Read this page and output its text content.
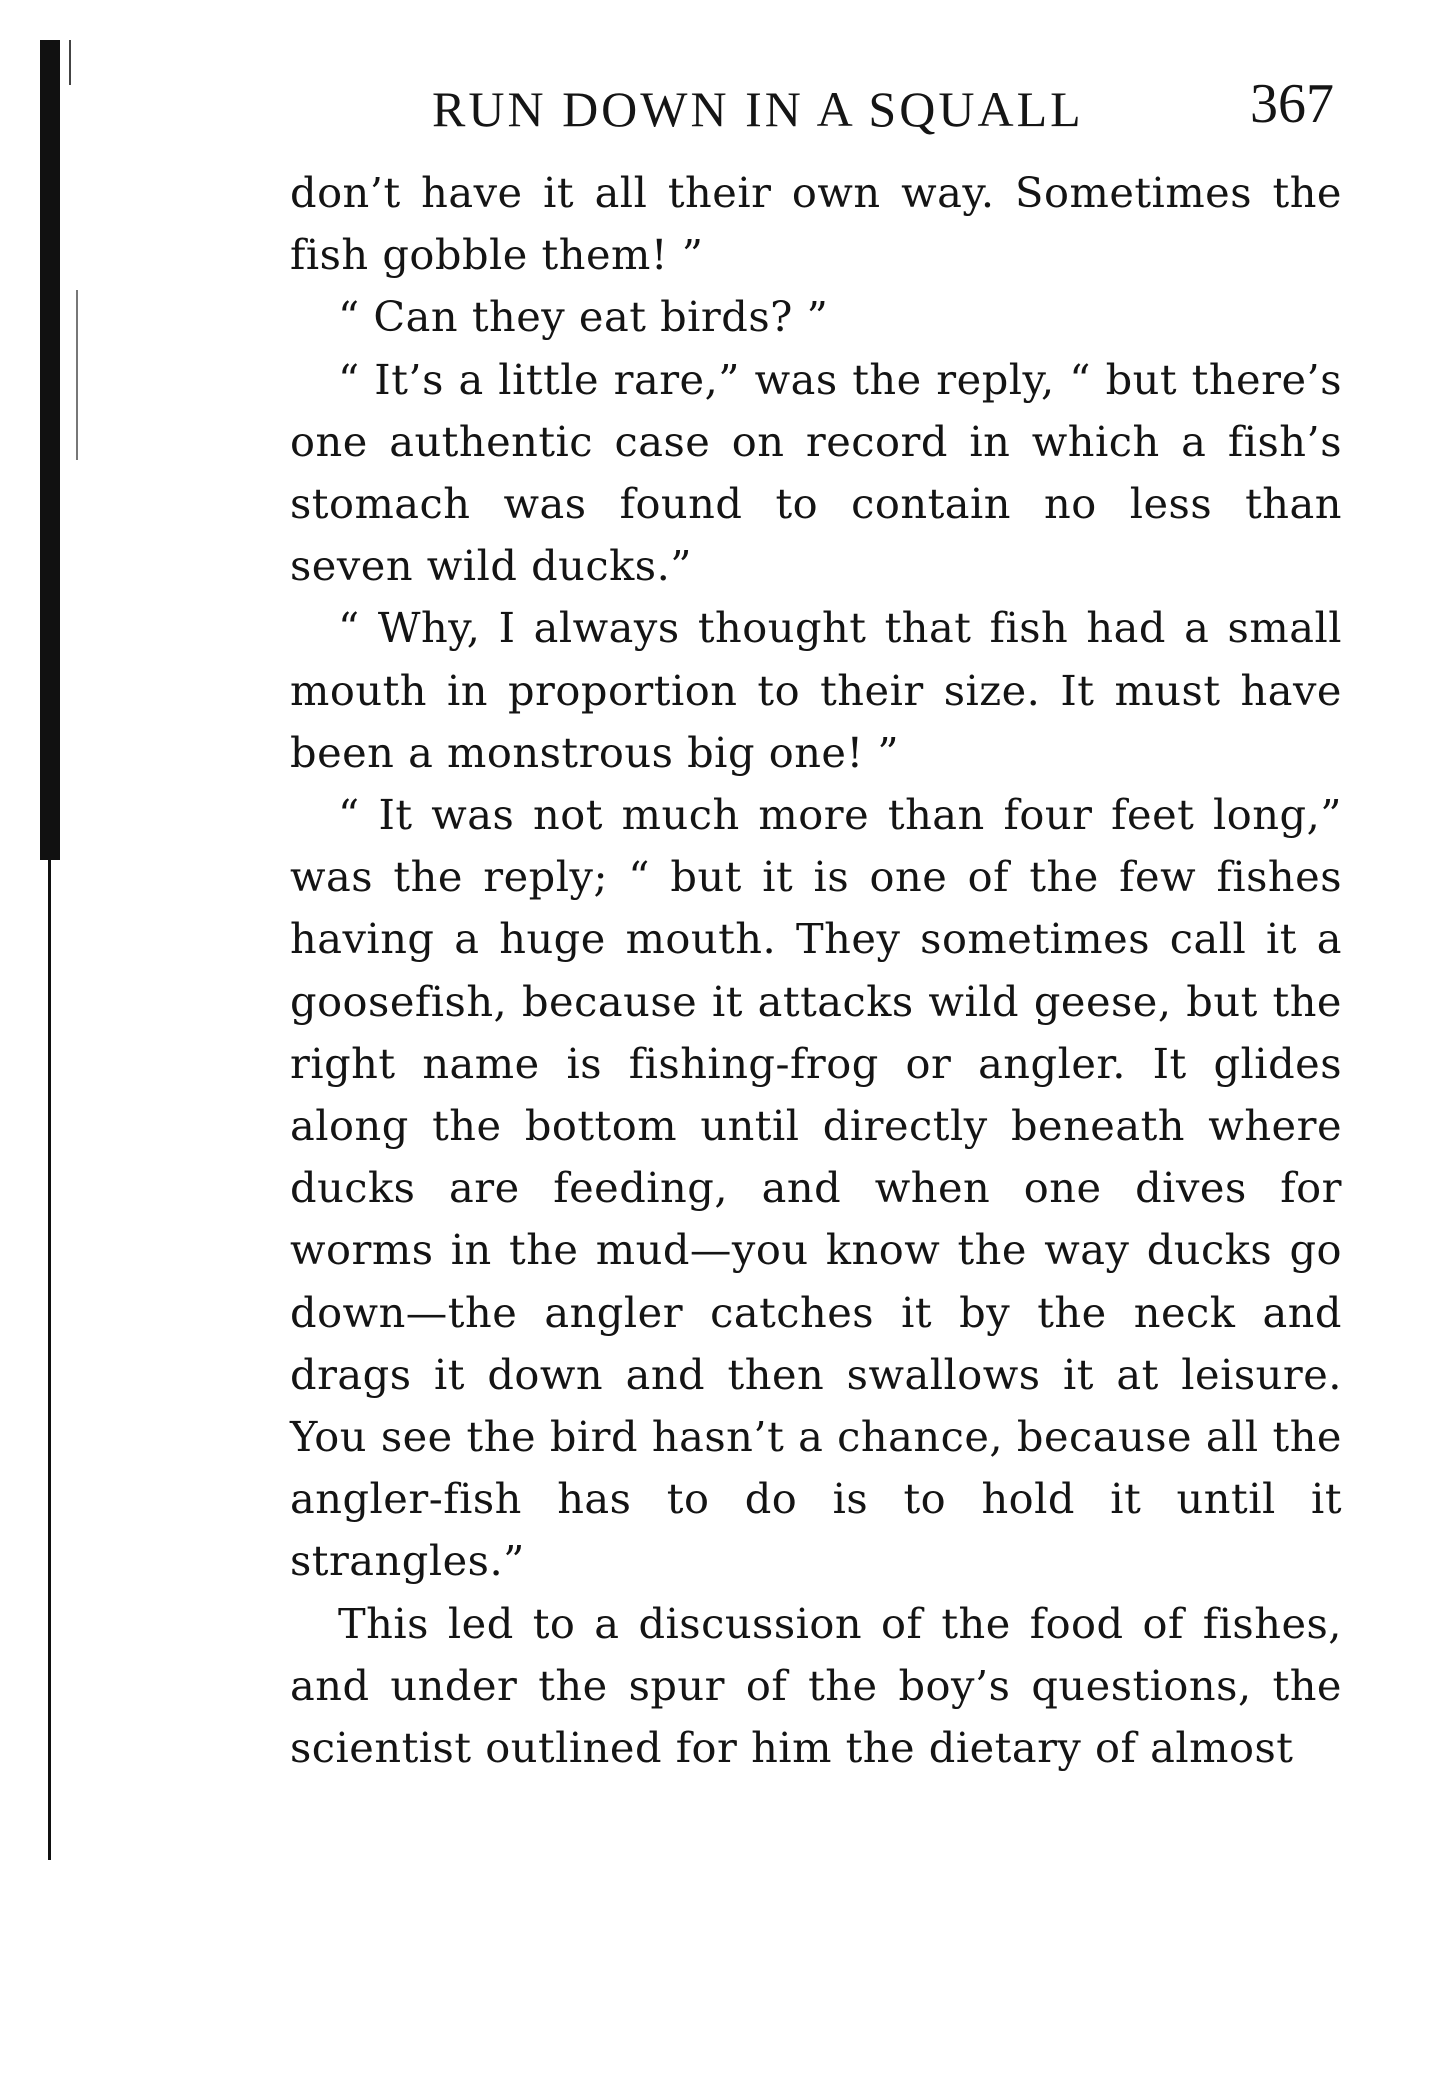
RUN DOWN IN A SQUALL	367

don’t have it all their own way. Sometimes the fish gobble them! ”

“ Can they eat birds? ”

“ It’s a little rare,” was the reply, “ but there’s one authentic case on record in which a fish’s stomach was found to contain no less than seven wild ducks.”

“ Why, I always thought that fish had a small mouth in proportion to their size. It must have been a monstrous big one! ”

“ It was not much more than four feet long,” was the reply; “ but it is one of the few fishes having a huge mouth. They sometimes call it a goosefish, because it attacks wild geese, but the right name is fishing-frog or angler. It glides along the bottom until directly beneath where ducks are feeding, and when one dives for worms in the mud—you know the way ducks go down—the angler catches it by the neck and drags it down and then swallows it at leisure. You see the bird hasn’t a chance, because all the angler-fish has to do is to hold it until it strangles.”

This led to a discussion of the food of fishes, and under the spur of the boy’s questions, the scientist outlined for him the dietary of almost
